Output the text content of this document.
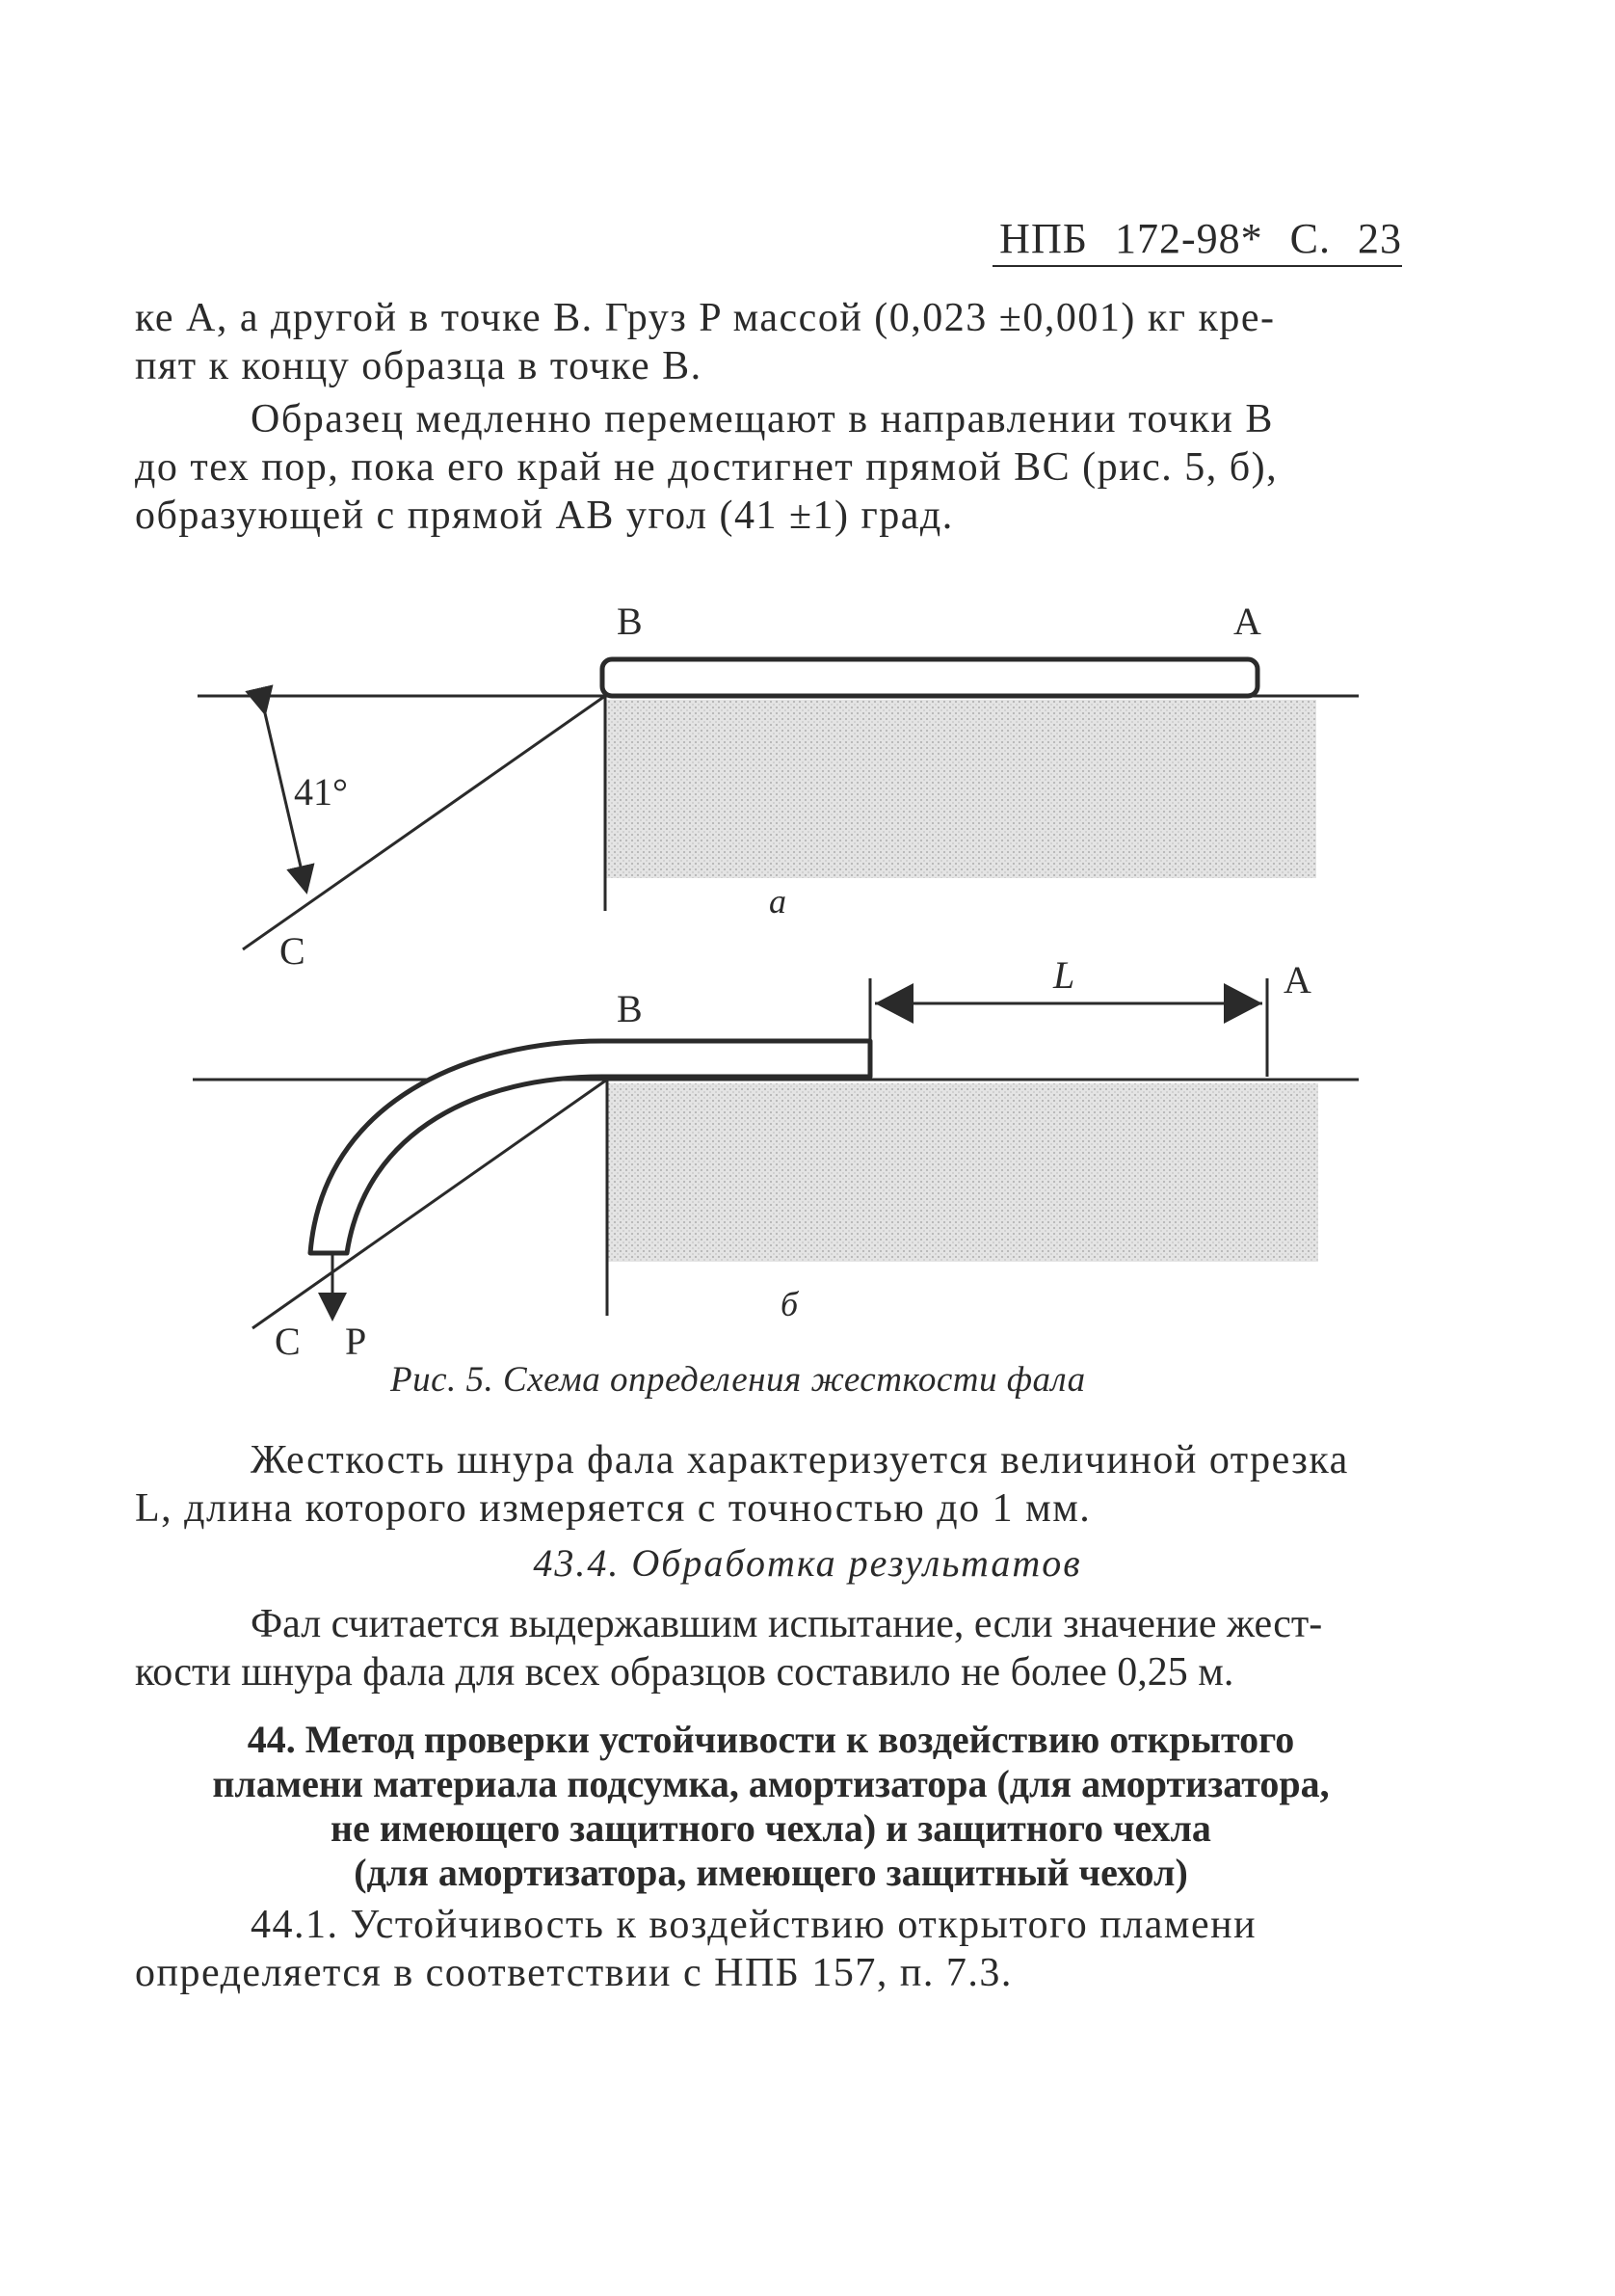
НПБ 172-98* С. 23
ке А, а другой в точке В. Груз P массой (0,023 ±0,001) кг кре-
пят к концу образца в точке В.
Образец медленно перемещают в направлении точки В
до тех пор, пока его край не достигнет прямой ВС (рис. 5, б),
образующей с прямой АВ угол (41 ±1) град.
В	А
41°
С
а
L
В
А
С P
б
Рис. 5. Схема определения жесткости фала
Жесткость шнура фала характеризуется величиной отрезка
L, длина которого измеряется с точностью до 1 мм.
43.4. Обработка результатов
Фал считается выдержавшим испытание, если значение жест-
кости шнура фала для всех образцов составило не более 0,25 м.
44. Метод проверки устойчивости к воздействию открытого
пламени материала подсумка, амортизатора (для амортизатора,
не имеющего защитного чехла) и защитного чехла
(для амортизатора, имеющего защитный чехол)
44.1. Устойчивость к воздействию открытого пламени
определяется в соответствии с НПБ 157, п. 7.3.
